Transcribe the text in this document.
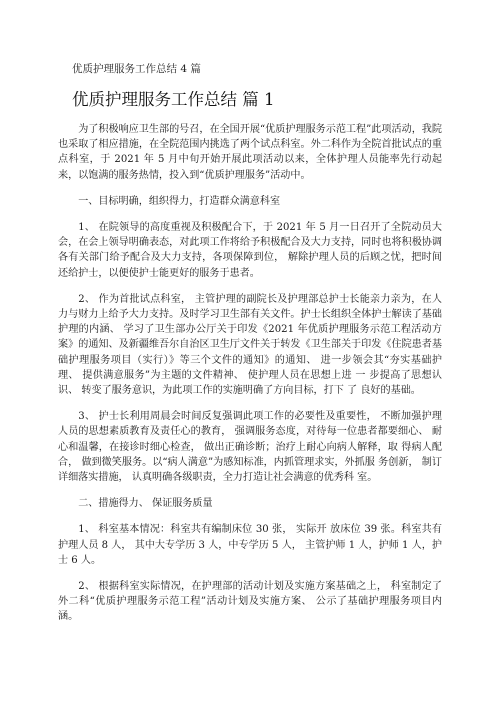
优质护理服务工作总结 4 篇
优质护理服务工作总结 篇 1

为了积极响应卫生部的号召，在全国开展“优质护理服务示范工程”此项活动，我院也采取了相应措施，在全院范围内挑选了两个试点科室。外二科作为全院首批试点的重点科室，于 2021 年 5 月中旬开始开展此项活动以来，全体护理人员能率先行动起来，以饱满的服务热情，投入到“优质护理服务”活动中。

一、目标明确，组织得力，打造群众满意科室

1、 在院领导的高度重视及积极配合下，于 2021 年 5 月一日召开了全院动员大会，在会上领导明确表态，对此项工作将给予积极配合及大力支持，同时也将积极协调各有关部门给予配合及大力支持，各项保障到位， 解除护理人员的后顾之忧，把时间还给护士，以便使护士能更好的服务于患者。

2、 作为首批试点科室， 主管护理的副院长及护理部总护士长能亲力亲为，在人力与财力上给予大力支持。及时学习卫生部有关文件。护士长组织全体护士解读了基础护理的内涵、 学习了卫生部办公厅关于印发《2021 年优质护理服务示范工程活动方案》的通知、及新疆维吾尔自治区卫生厅文件关于转发《卫生部关于印发《住院患者基础护理服务项目（实行）》等三个文件的通知》的通知、 进一步领会其“夯实基础护理、 提供满意服务”为主题的文件精神、 使护理人员在思想上进 一 步提高了思想认识、 转变了服务意识，为此项工作的实施明确了方向目标，打下 了 良好的基础。

3、 护士长利用周晨会时间反复强调此项工作的必要性及重要性， 不断加强护理人员的思想素质教育及责任心的教育， 强调服务态度，对待每一位患者都要细心、 耐心和温馨，在接诊时细心检查， 做出正确诊断；治疗上耐心向病人解释，取 得病人配合， 做到微笑服务。以“病人满意”为感知标准，内抓管理求实，外抓服 务创新， 制订详细落实措施， 认真明确各级职责，全力打造让社会满意的优秀科 室。

二、措施得力、 保证服务质量

1、 科室基本情况：科室共有编制床位 30 张， 实际开 放床位 39 张。科室共有 护理人员 8 人， 其中大专学历 3 人，中专学历 5 人， 主管护师 1 人，护师 1 人，护 士 6 人。

2、 根据科室实际情况，在护理部的活动计划及实施方案基础之上， 科室制定了外二科“优质护理服务示范工程”活动计划及实施方案、 公示了基础护理服务项目内涵。
